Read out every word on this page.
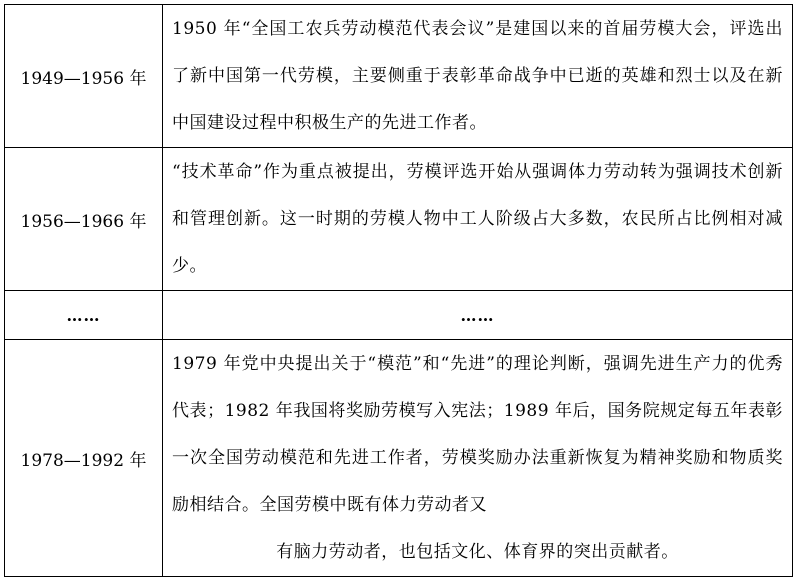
1949—1956 年	1950 年“全国工农兵劳动模范代表会议”是建国以来的首届劳模大会，评选出了新中国第一代劳模，主要侧重于表彰革命战争中已逝的英雄和烈士以及在新中国建设过程中积极生产的先进工作者。
1956—1966 年	“技术革命”作为重点被提出，劳模评选开始从强调体力劳动转为强调技术创新和管理创新。这一时期的劳模人物中工人阶级占大多数，农民所占比例相对减少。
……	……
1978—1992 年	1979 年党中央提出关于“模范”和“先进”的理论判断，强调先进生产力的优秀代表；1982 年我国将奖励劳模写入宪法；1989 年后，国务院规定每五年表彰一次全国劳动模范和先进工作者，劳模奖励办法重新恢复为精神奖励和物质奖励相结合。全国劳模中既有体力劳动者又
有脑力劳动者，也包括文化、体育界的突出贡献者。
